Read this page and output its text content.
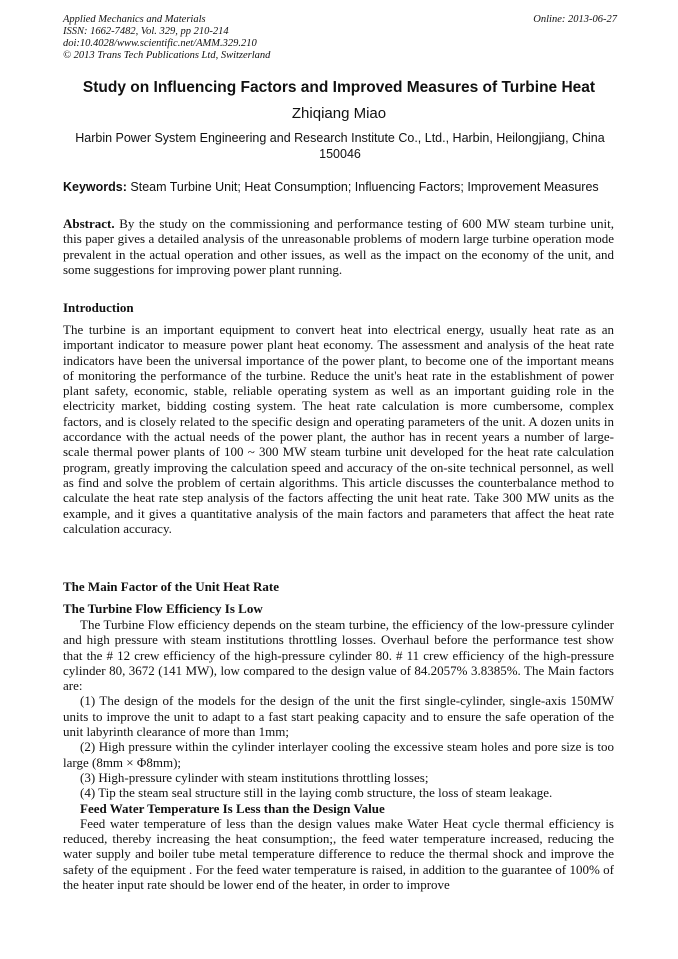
Applied Mechanics and Materials
ISSN: 1662-7482, Vol. 329, pp 210-214
doi:10.4028/www.scientific.net/AMM.329.210
© 2013 Trans Tech Publications Ltd, Switzerland
Online: 2013-06-27
Study on Influencing Factors and Improved Measures of Turbine Heat
Zhiqiang Miao
Harbin Power System Engineering and Research Institute Co., Ltd., Harbin, Heilongjiang, China 150046
Keywords: Steam Turbine Unit; Heat Consumption; Influencing Factors; Improvement Measures
Abstract. By the study on the commissioning and performance testing of 600 MW steam turbine unit, this paper gives a detailed analysis of the unreasonable problems of modern large turbine operation mode prevalent in the actual operation and other issues, as well as the impact on the economy of the unit, and some suggestions for improving power plant running.
Introduction
The turbine is an important equipment to convert heat into electrical energy, usually heat rate as an important indicator to measure power plant heat economy. The assessment and analysis of the heat rate indicators have been the universal importance of the power plant, to become one of the important means of monitoring the performance of the turbine. Reduce the unit's heat rate in the establishment of power plant safety, economic, stable, reliable operating system as well as an important guiding role in the electricity market, bidding costing system. The heat rate calculation is more cumbersome, complex factors, and is closely related to the specific design and operating parameters of the unit. A dozen units in accordance with the actual needs of the power plant, the author has in recent years a number of large-scale thermal power plants of 100 ~ 300 MW steam turbine unit developed for the heat rate calculation program, greatly improving the calculation speed and accuracy of the on-site technical personnel, as well as find and solve the problem of certain algorithms. This article discusses the counterbalance method to calculate the heat rate step analysis of the factors affecting the unit heat rate. Take 300 MW units as the example, and it gives a quantitative analysis of the main factors and parameters that affect the heat rate calculation accuracy.
The Main Factor of the Unit Heat Rate
The Turbine Flow Efficiency Is Low

The Turbine Flow efficiency depends on the steam turbine, the efficiency of the low-pressure cylinder and high pressure with steam institutions throttling losses. Overhaul before the performance test show that the # 12 crew efficiency of the high-pressure cylinder 80. # 11 crew efficiency of the high-pressure cylinder 80, 3672 (141 MW), low compared to the design value of 84.2057% 3.8385%. The Main factors are:

(1) The design of the models for the design of the unit the first single-cylinder, single-axis 150MW units to improve the unit to adapt to a fast start peaking capacity and to ensure the safe operation of the unit labyrinth clearance of more than 1mm;

(2) High pressure within the cylinder interlayer cooling the excessive steam holes and pore size is too large (8mm × Φ8mm);

(3) High-pressure cylinder with steam institutions throttling losses;

(4) Tip the steam seal structure still in the laying comb structure, the loss of steam leakage.

Feed Water Temperature Is Less than the Design Value

Feed water temperature of less than the design values make Water Heat cycle thermal efficiency is reduced, thereby increasing the heat consumption;, the feed water temperature increased, reducing the water supply and boiler tube metal temperature difference to reduce the thermal shock and improve the safety of the equipment . For the feed water temperature is raised, in addition to the guarantee of 100% of the heater input rate should be lower end of the heater, in order to improve
